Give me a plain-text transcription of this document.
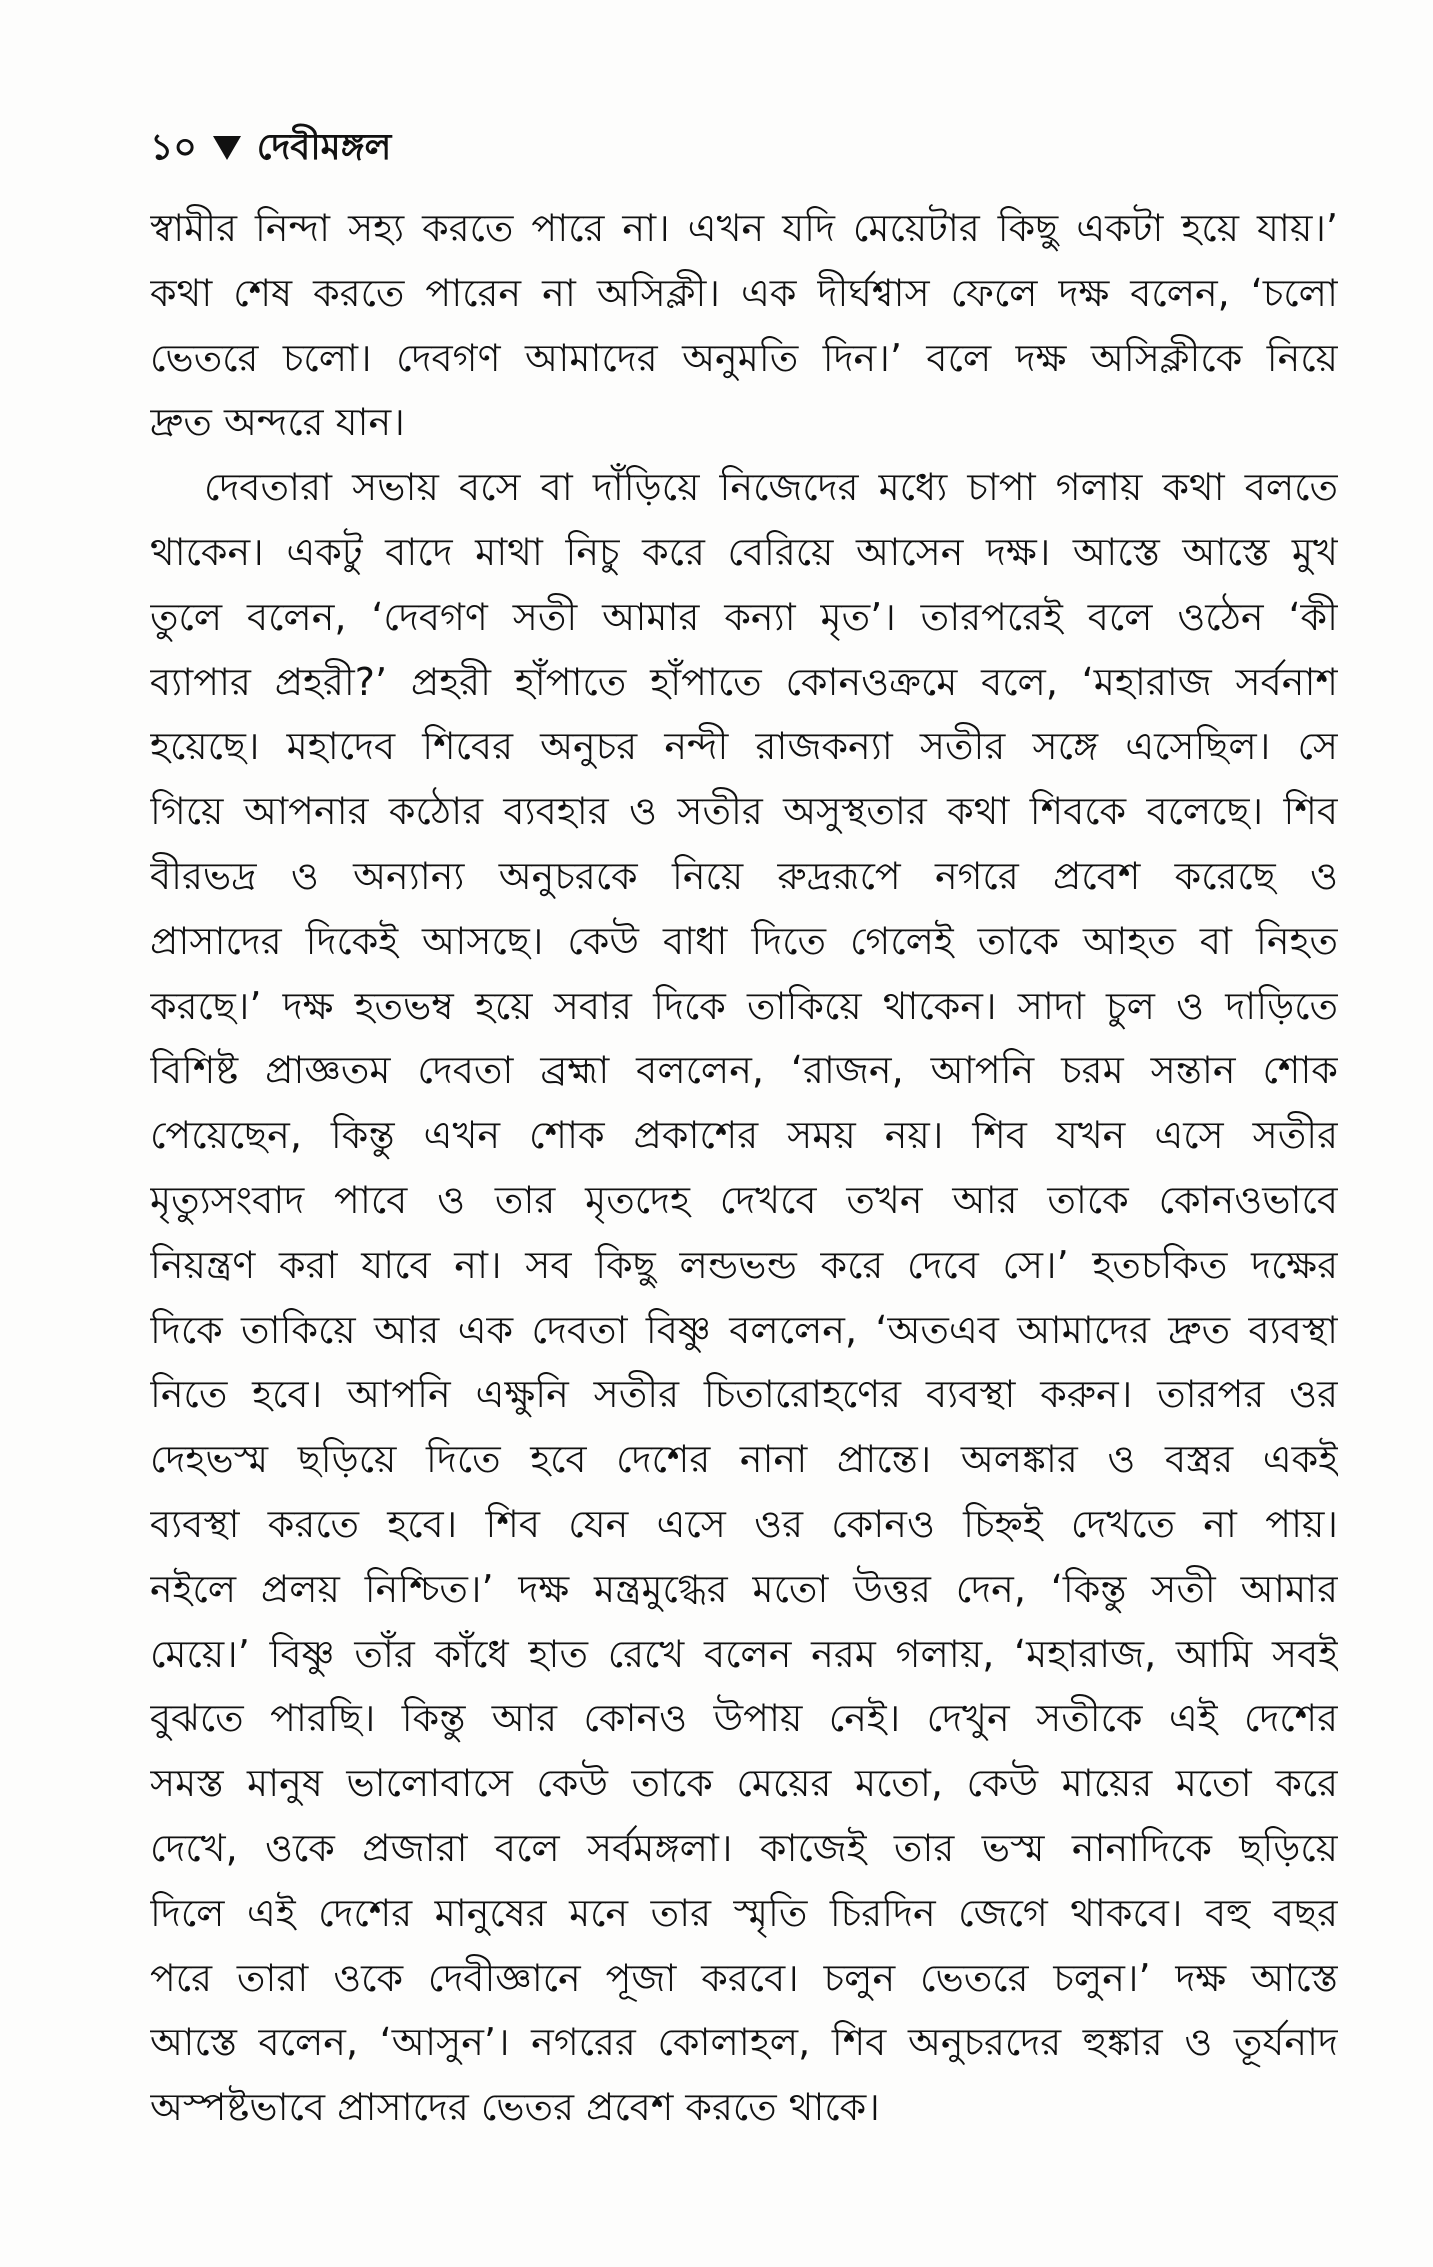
১০ দেবীমঙ্গল
স্বামীর নিন্দা সহ্য করতে পারে না। এখন যদি মেয়েটার কিছু একটা হয়ে যায়।’
কথা শেষ করতে পারেন না অসিক্লী। এক দীর্ঘশ্বাস ফেলে দক্ষ বলেন, ‘চলো
ভেতরে চলো। দেবগণ আমাদের অনুমতি দিন।’ বলে দক্ষ অসিক্লীকে নিয়ে
দ্রুত অন্দরে যান।
দেবতারা সভায় বসে বা দাঁড়িয়ে নিজেদের মধ্যে চাপা গলায় কথা বলতে
থাকেন। একটু বাদে মাথা নিচু করে বেরিয়ে আসেন দক্ষ। আস্তে আস্তে মুখ
তুলে বলেন, ‘দেবগণ সতী আমার কন্যা মৃত’। তারপরেই বলে ওঠেন ‘কী
ব্যাপার প্রহরী?’ প্রহরী হাঁপাতে হাঁপাতে কোনওক্রমে বলে, ‘মহারাজ সর্বনাশ
হয়েছে। মহাদেব শিবের অনুচর নন্দী রাজকন্যা সতীর সঙ্গে এসেছিল। সে
গিয়ে আপনার কঠোর ব্যবহার ও সতীর অসুস্থতার কথা শিবকে বলেছে। শিব
বীরভদ্র ও অন্যান্য অনুচরকে নিয়ে রুদ্ররূপে নগরে প্রবেশ করেছে ও
প্রাসাদের দিকেই আসছে। কেউ বাধা দিতে গেলেই তাকে আহত বা নিহত
করছে।’ দক্ষ হতভম্ব হয়ে সবার দিকে তাকিয়ে থাকেন। সাদা চুল ও দাড়িতে
বিশিষ্ট প্রাজ্ঞতম দেবতা ব্রহ্মা বললেন, ‘রাজন, আপনি চরম সন্তান শোক
পেয়েছেন, কিন্তু এখন শোক প্রকাশের সময় নয়। শিব যখন এসে সতীর
মৃত্যুসংবাদ পাবে ও তার মৃতদেহ দেখবে তখন আর তাকে কোনওভাবে
নিয়ন্ত্রণ করা যাবে না। সব কিছু লন্ডভন্ড করে দেবে সে।’ হতচকিত দক্ষের
দিকে তাকিয়ে আর এক দেবতা বিষ্ণু বললেন, ‘অতএব আমাদের দ্রুত ব্যবস্থা
নিতে হবে। আপনি এক্ষুনি সতীর চিতারোহণের ব্যবস্থা করুন। তারপর ওর
দেহভস্ম ছড়িয়ে দিতে হবে দেশের নানা প্রান্তে। অলঙ্কার ও বস্ত্রর একই
ব্যবস্থা করতে হবে। শিব যেন এসে ওর কোনও চিহ্নই দেখতে না পায়।
নইলে প্রলয় নিশ্চিত।’ দক্ষ মন্ত্রমুগ্ধের মতো উত্তর দেন, ‘কিন্তু সতী আমার
মেয়ে।’ বিষ্ণু তাঁর কাঁধে হাত রেখে বলেন নরম গলায়, ‘মহারাজ, আমি সবই
বুঝতে পারছি। কিন্তু আর কোনও উপায় নেই। দেখুন সতীকে এই দেশের
সমস্ত মানুষ ভালোবাসে কেউ তাকে মেয়ের মতো, কেউ মায়ের মতো করে
দেখে, ওকে প্রজারা বলে সর্বমঙ্গলা। কাজেই তার ভস্ম নানাদিকে ছড়িয়ে
দিলে এই দেশের মানুষের মনে তার স্মৃতি চিরদিন জেগে থাকবে। বহু বছর
পরে তারা ওকে দেবীজ্ঞানে পূজা করবে। চলুন ভেতরে চলুন।’ দক্ষ আস্তে
আস্তে বলেন, ‘আসুন’। নগরের কোলাহল, শিব অনুচরদের হুঙ্কার ও তূর্যনাদ
অস্পষ্টভাবে প্রাসাদের ভেতর প্রবেশ করতে থাকে।
